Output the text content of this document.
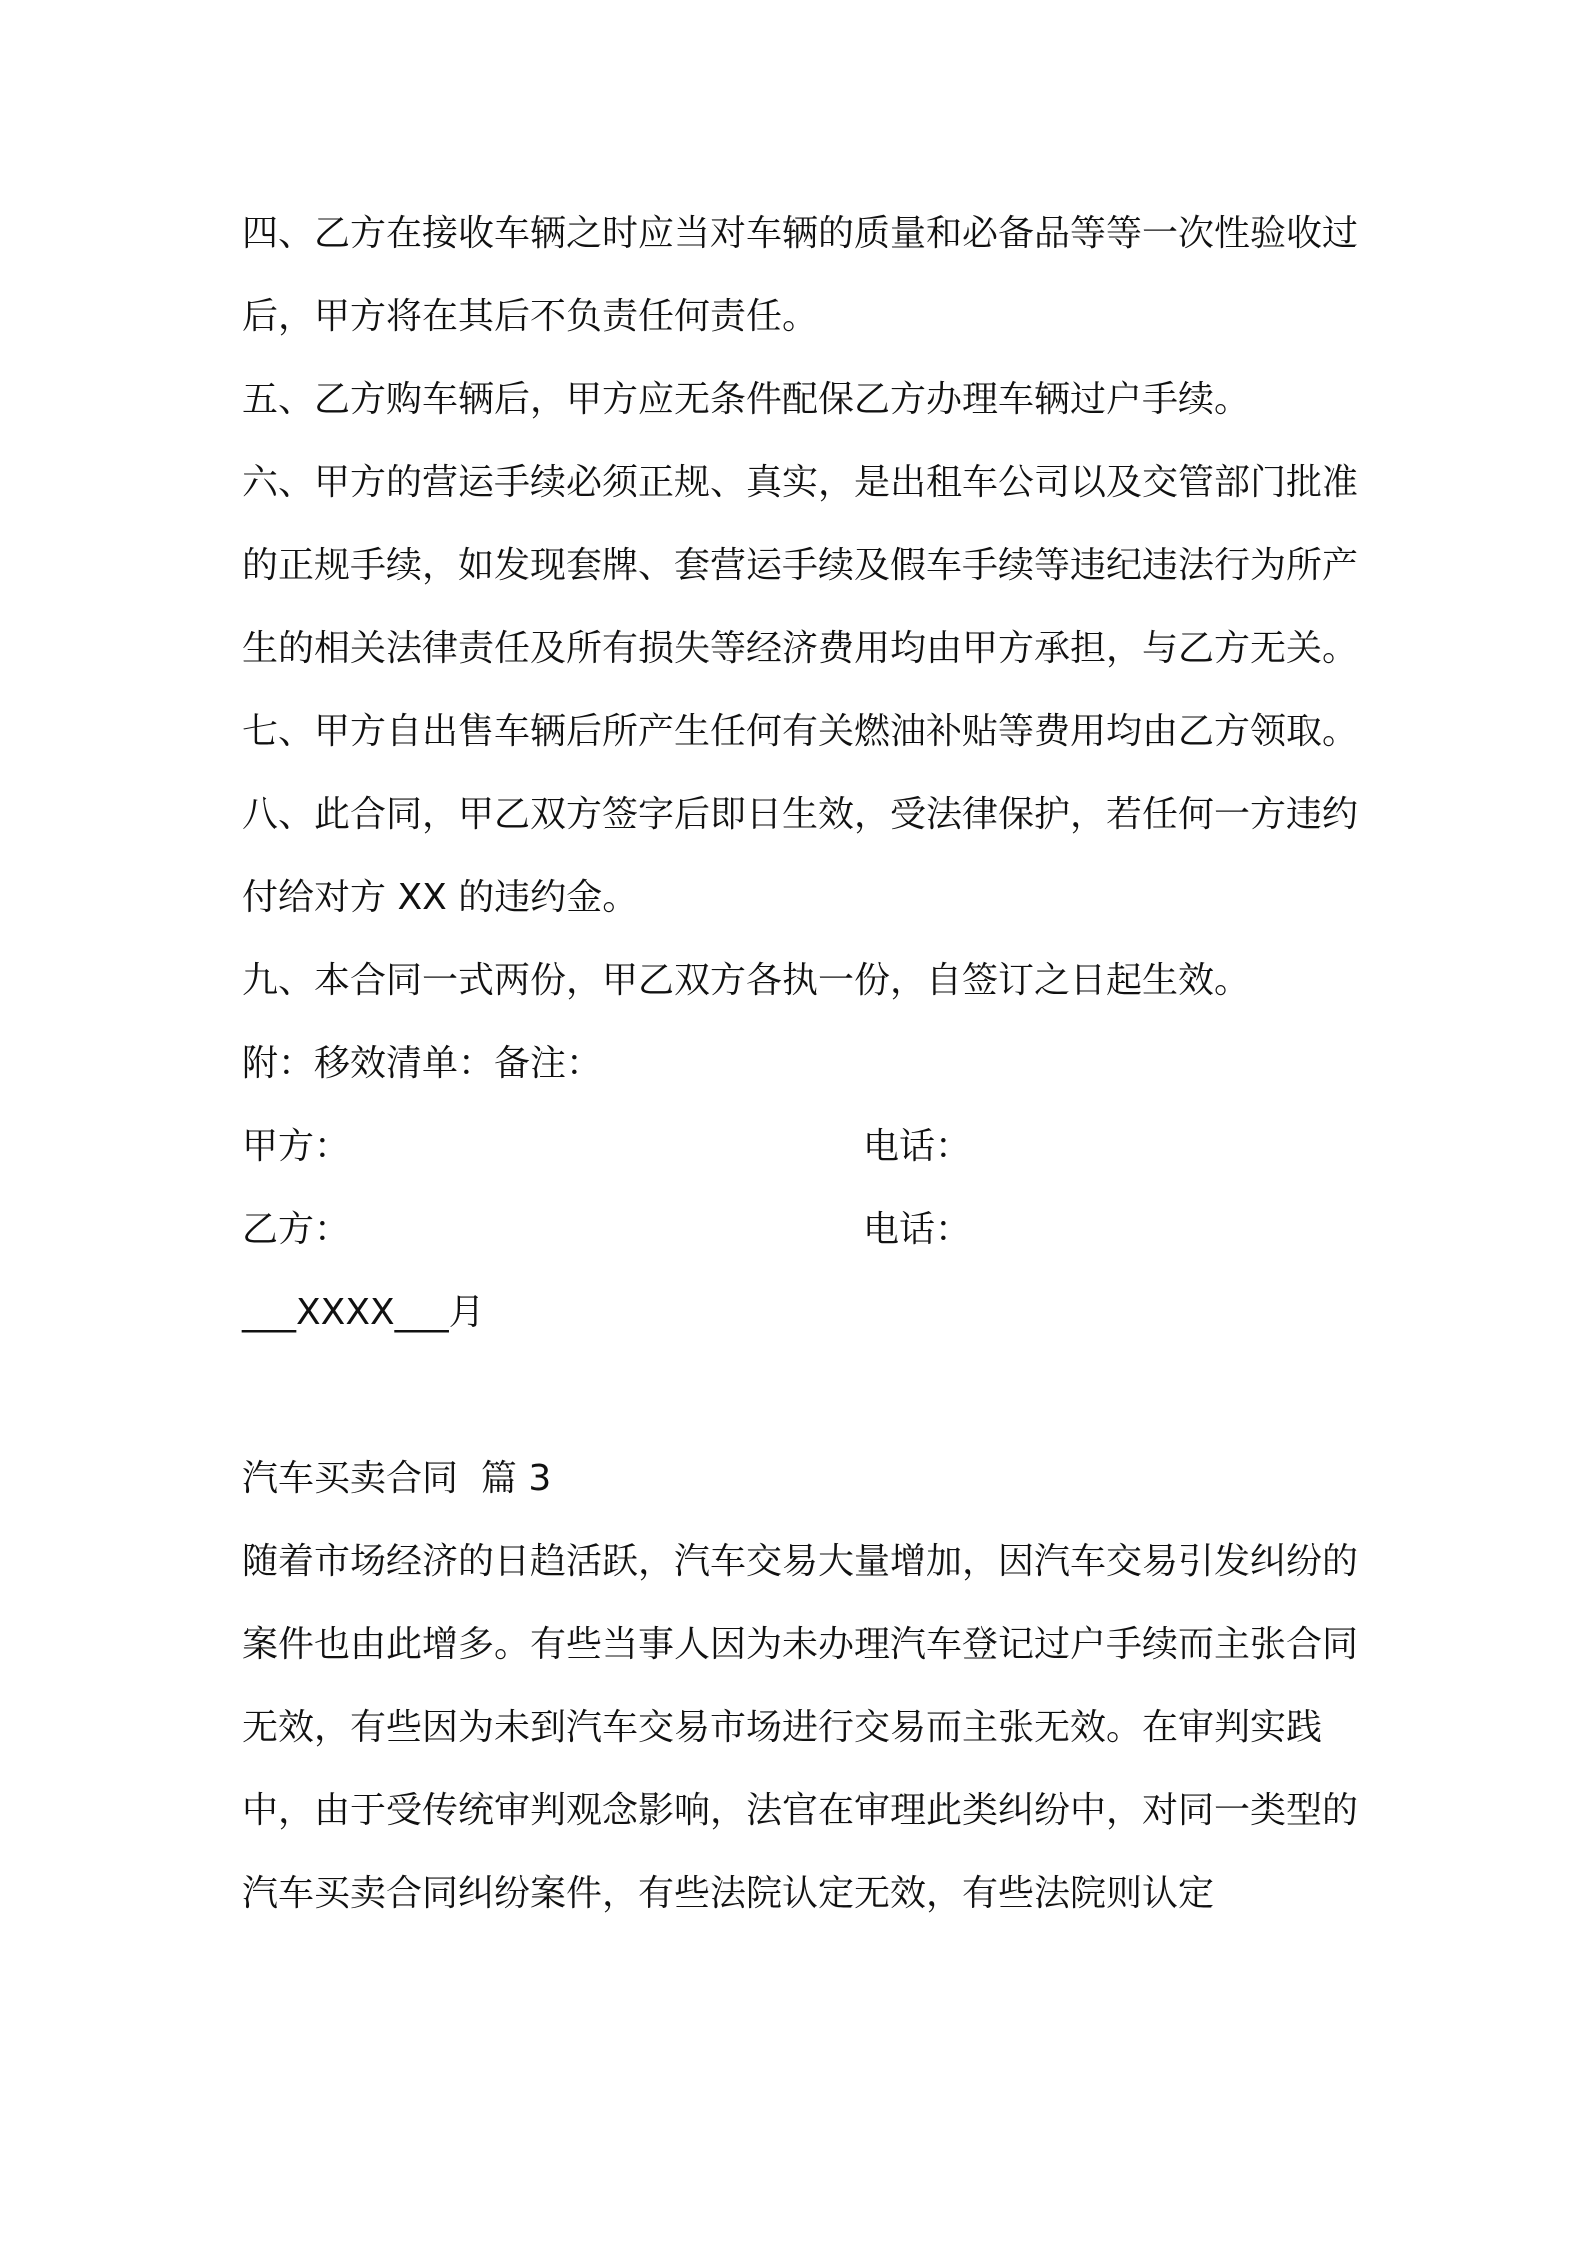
四、乙方在接收车辆之时应当对车辆的质量和必备品等等一次性验收过后，甲方将在其后不负责任何责任。

五、乙方购车辆后，甲方应无条件配保乙方办理车辆过户手续。

六、甲方的营运手续必须正规、真实，是出租车公司以及交管部门批准的正规手续，如发现套牌、套营运手续及假车手续等违纪违法行为所产生的相关法律责任及所有损失等经济费用均由甲方承担，与乙方无关。

七、甲方自出售车辆后所产生任何有关燃油补贴等费用均由乙方领取。

八、此合同，甲乙双方签字后即日生效，受法律保护，若任何一方违约付给对方 XX 的违约金。

九、本合同一式两份，甲乙双方各执一份，自签订之日起生效。

附：移效清单：备注：

甲方：	电话：
乙方：	电话：

___XXXX___月

汽车买卖合同  篇 3

随着市场经济的日趋活跃，汽车交易大量增加，因汽车交易引发纠纷的案件也由此增多。有些当事人因为未办理汽车登记过户手续而主张合同无效，有些因为未到汽车交易市场进行交易而主张无效。在审判实践中，由于受传统审判观念影响，法官在审理此类纠纷中，对同一类型的汽车买卖合同纠纷案件，有些法院认定无效，有些法院则认定
